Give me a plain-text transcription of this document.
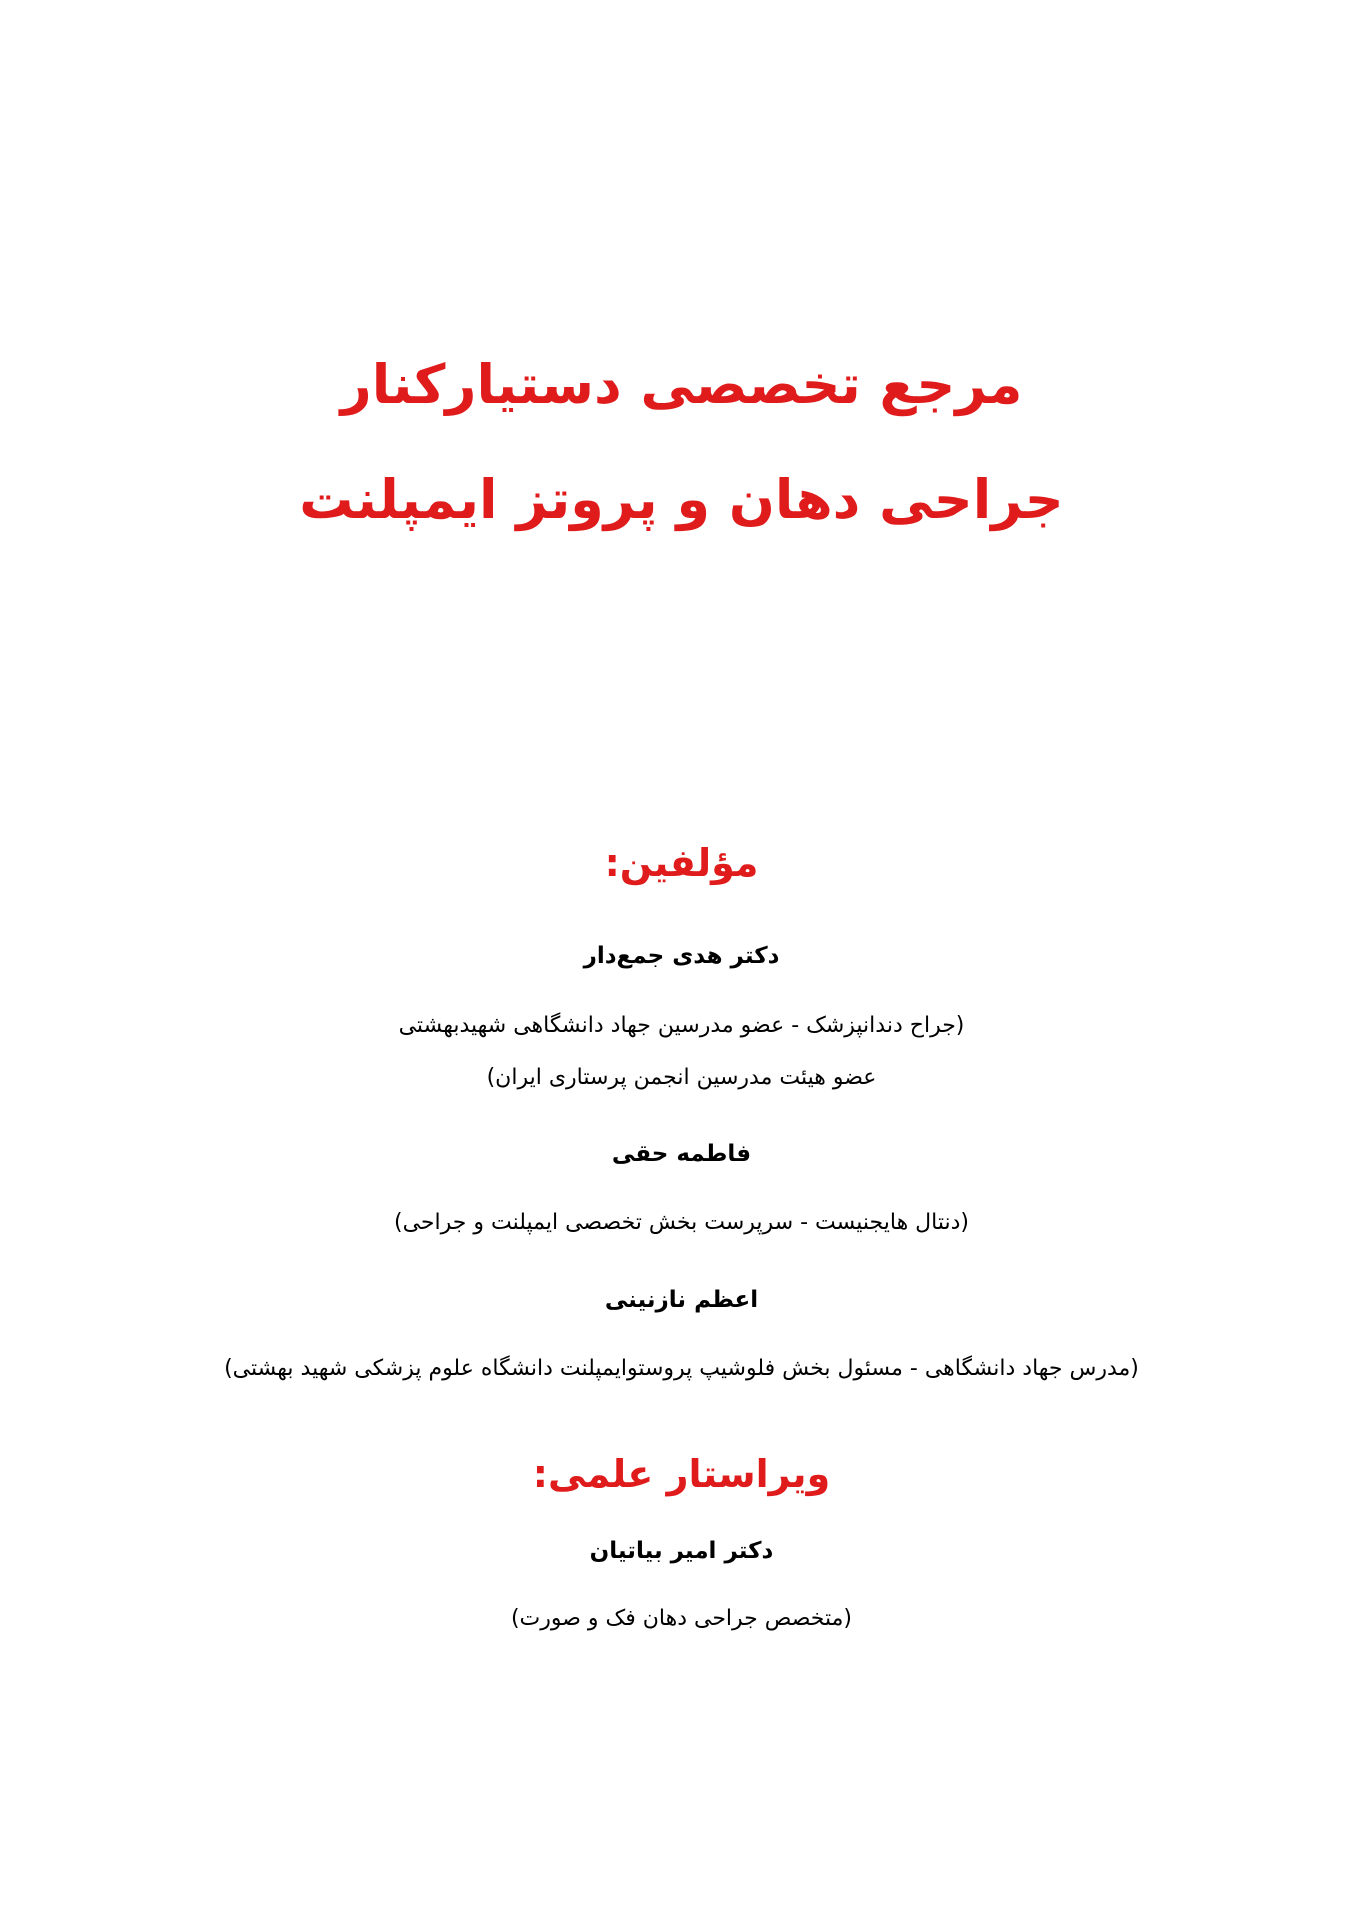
مرجع تخصصی دستیارکنار
جراحی دهان و پروتز ایمپلنت
مؤلفین:
دکتر هدی جمع‌دار
(جراح دندانپزشک - عضو مدرسین جهاد دانشگاهی شهیدبهشتی
عضو هیئت مدرسین انجمن پرستاری ایران)
فاطمه حقی
(دنتال هایجنیست - سرپرست بخش تخصصی ایمپلنت و جراحی)
اعظم نازنینی
(مدرس جهاد دانشگاهی - مسئول بخش فلوشیپ پروستوایمپلنت دانشگاه علوم پزشکی شهید بهشتی)
ویراستار علمی:
دکتر امیر بیاتیان
(متخصص جراحی دهان فک و صورت)
